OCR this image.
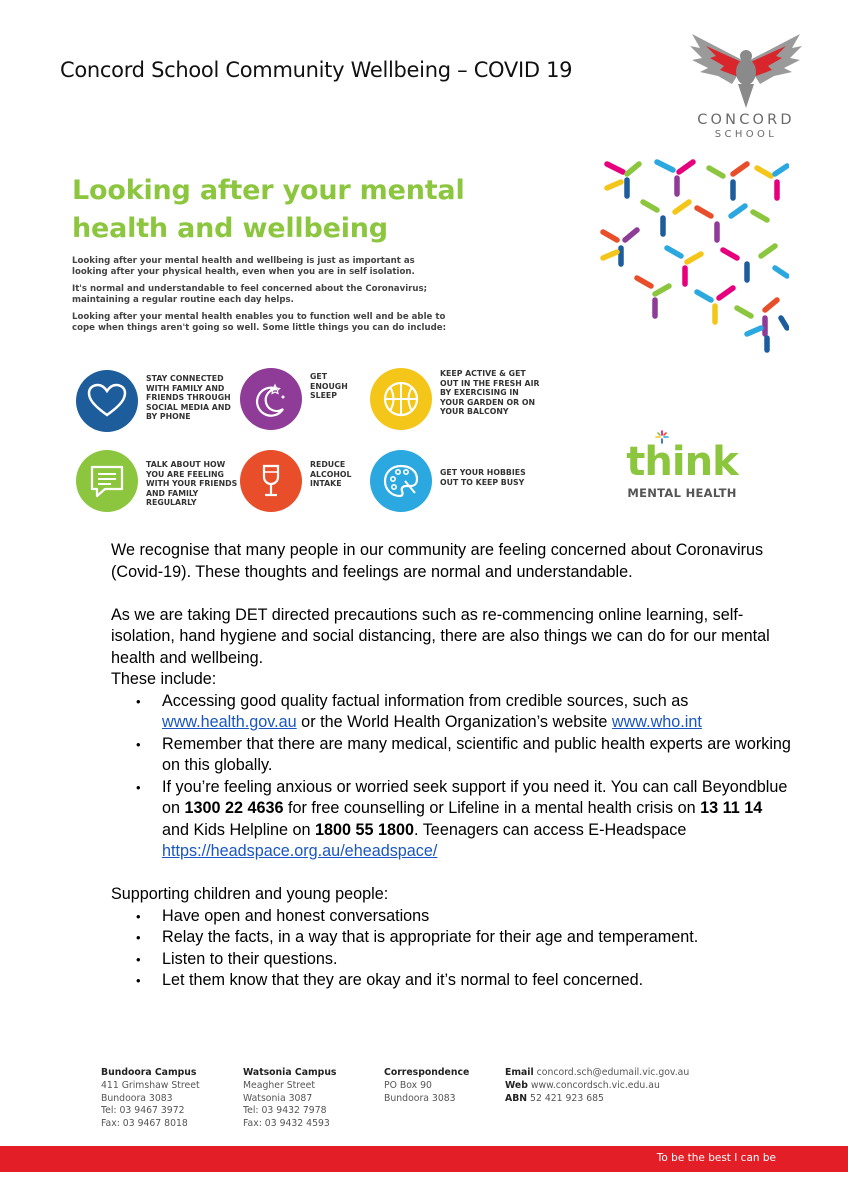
Concord School Community Wellbeing – COVID 19
CONCORD
SCHOOL
Looking after your mental
health and wellbeing

Looking after your mental health and wellbeing is just as important as looking after your physical health, even when you are in self isolation.

It's normal and understandable to feel concerned about the Coronavirus; maintaining a regular routine each day helps.

Looking after your mental health enables you to function well and be able to cope when things aren't going so well. Some little things you can do include:

STAY CONNECTED WITH FAMILY AND FRIENDS THROUGH SOCIAL MEDIA AND BY PHONE
GET ENOUGH SLEEP
KEEP ACTIVE & GET OUT IN THE FRESH AIR BY EXERCISING IN YOUR GARDEN OR ON YOUR BALCONY
TALK ABOUT HOW YOU ARE FEELING WITH YOUR FRIENDS AND FAMILY REGULARLY
REDUCE ALCOHOL INTAKE
GET YOUR HOBBIES OUT TO KEEP BUSY	think
MENTAL HEALTH

We recognise that many people in our community are feeling concerned about Coronavirus (Covid-19). These thoughts and feelings are normal and understandable.

As we are taking DET directed precautions such as re-commencing online learning, self-isolation, hand hygiene and social distancing, there are also things we can do for our mental health and wellbeing.

These include:

• Accessing good quality factual information from credible sources, such as www.health.gov.au or the World Health Organization’s website www.who.int
• Remember that there are many medical, scientific and public health experts are working on this globally.
• If you’re feeling anxious or worried seek support if you need it. You can call Beyondblue on 1300 22 4636 for free counselling or Lifeline in a mental health crisis on 13 11 14 and Kids Helpline on 1800 55 1800. Teenagers can access E-Headspace https://headspace.org.au/eheadspace/

Supporting children and young people:

• Have open and honest conversations
• Relay the facts, in a way that is appropriate for their age and temperament.
• Listen to their questions.
• Let them know that they are okay and it’s normal to feel concerned.
Bundoora Campus
411 Grimshaw Street
Bundoora 3083
Tel: 03 9467 3972
Fax: 03 9467 8018
Watsonia Campus
Meagher Street
Watsonia 3087
Tel: 03 9432 7978
Fax: 03 9432 4593
Correspondence
PO Box 90
Bundoora 3083
Email concord.sch@edumail.vic.gov.au
Web www.concordsch.vic.edu.au
ABN 52 421 923 685
To be the best I can be
